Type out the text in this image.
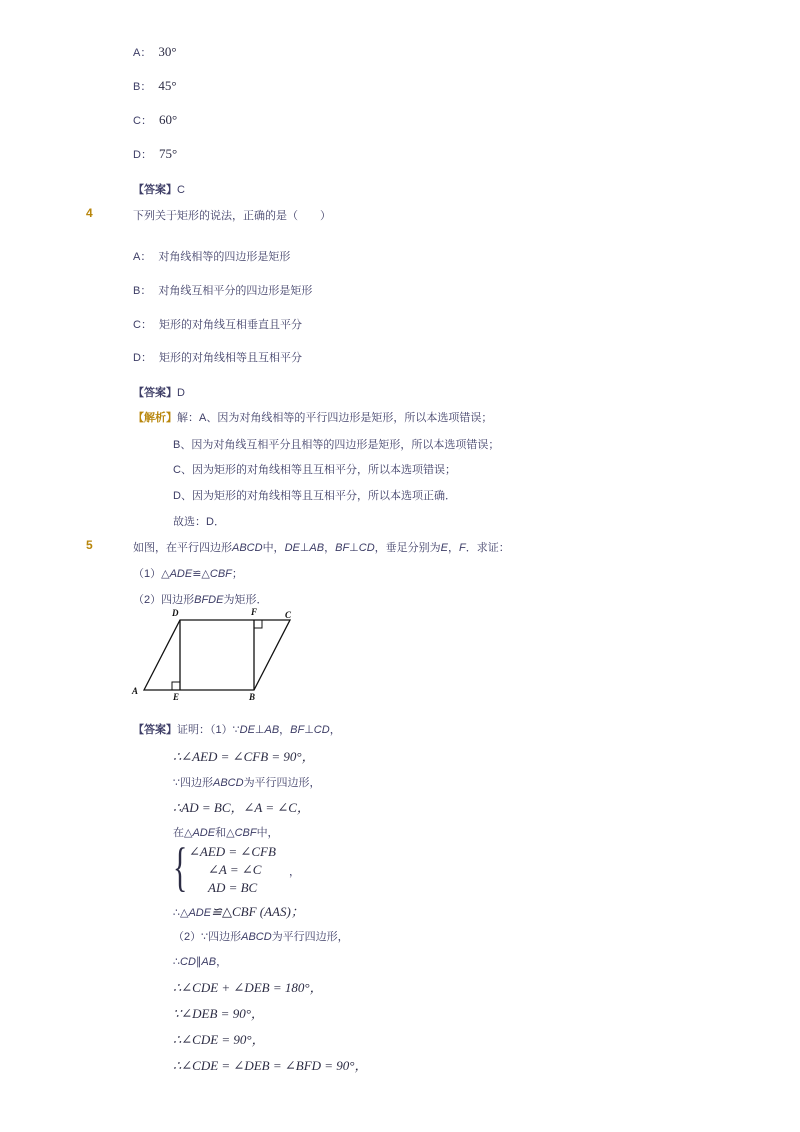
A： 30°
B： 45°
C： 60°
D： 75°
【答案】C
4	下列关于矩形的说法，正确的是（　　）
A： 对角线相等的四边形是矩形
B： 对角线互相平分的四边形是矩形
C： 矩形的对角线互相垂直且平分
D： 矩形的对角线相等且互相平分
【答案】D
【解析】解：A、因为对角线相等的平行四边形是矩形，所以本选项错误；
B、因为对角线互相平分且相等的四边形是矩形，所以本选项错误；
C、因为矩形的对角线相等且互相平分，所以本选项错误；
D、因为矩形的对角线相等且互相平分，所以本选项正确．
故选：D．
5	如图，在平行四边形ABCD中，DE⊥AB，BF⊥CD，垂足分别为E，F．求证：
（1）△ADE≌△CBF；
（2）四边形BFDE为矩形．
A
E	B
D	F	C
【答案】证明：（1）∵DE⊥AB，BF⊥CD，
∴∠AED = ∠CFB = 90°，
∵四边形ABCD为平行四边形，
∴AD = BC，∠A = ∠C，
在△ADE和△CBF中，
{ ∠AED = ∠CFB
∠A = ∠C
AD = BC
，
∴△ADE≌△CBF (AAS)；
（2）∵四边形ABCD为平行四边形，
∴CD∥AB，
∴∠CDE + ∠DEB = 180°，
∵∠DEB = 90°，
∴∠CDE = 90°，
∴∠CDE = ∠DEB = ∠BFD = 90°，
